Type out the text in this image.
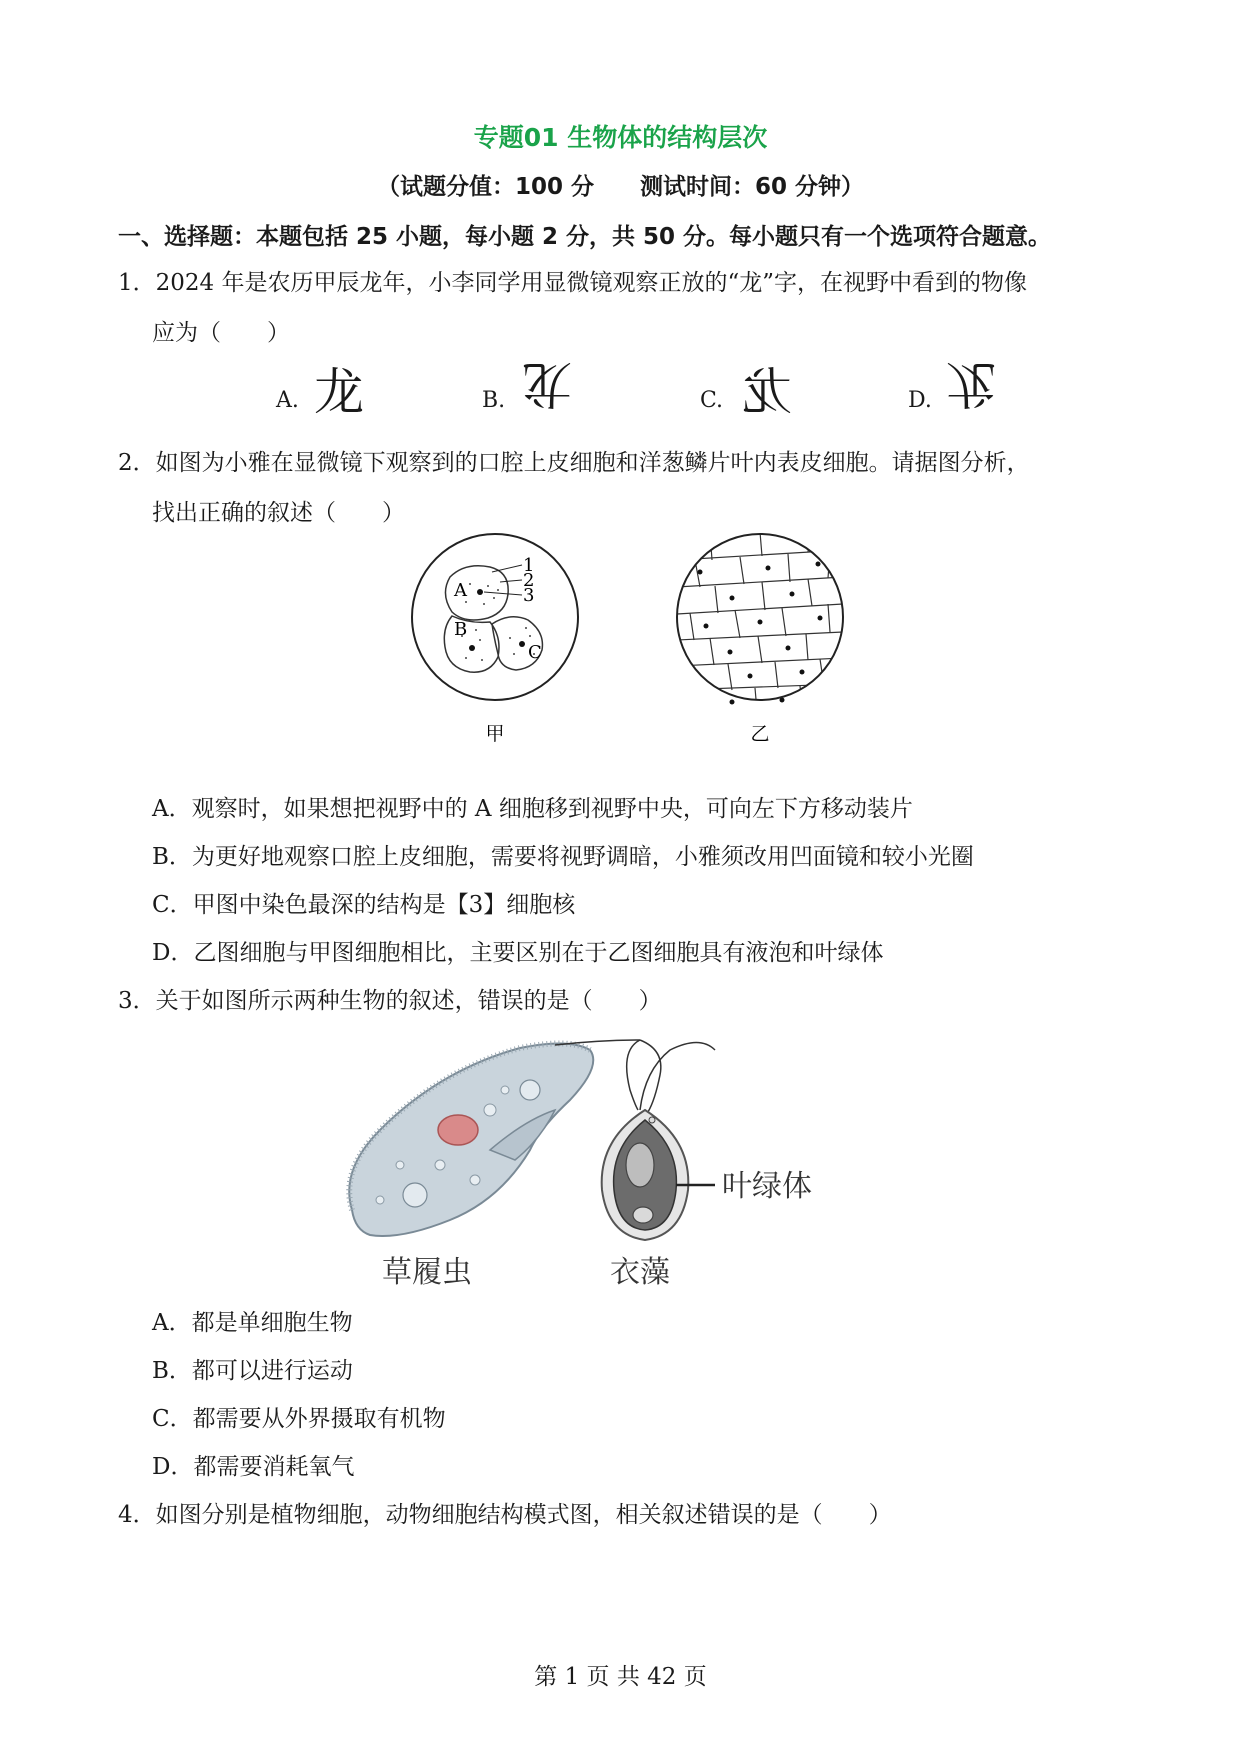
专题01 生物体的结构层次
（试题分值：100 分　　测试时间：60 分钟）
一、选择题：本题包括 25 小题，每小题 2 分，共 50 分。每小题只有一个选项符合题意。
1．2024 年是农历甲辰龙年，小李同学用显微镜观察正放的“龙”字，在视野中看到的物像
应为（　　）
A. 龙	B. 龙	C. 龙	D. 龙
2．如图为小雅在显微镜下观察到的口腔上皮细胞和洋葱鳞片叶内表皮细胞。请据图分析，
找出正确的叙述（　　）
1
2
3
A
B
C
甲	乙
A．观察时，如果想把视野中的 A 细胞移到视野中央，可向左下方移动装片
B．为更好地观察口腔上皮细胞，需要将视野调暗，小雅须改用凹面镜和较小光圈
C．甲图中染色最深的结构是【3】细胞核
D．乙图细胞与甲图细胞相比，主要区别在于乙图细胞具有液泡和叶绿体
3．关于如图所示两种生物的叙述，错误的是（　　）
草履虫
叶绿体
衣藻
A．都是单细胞生物
B．都可以进行运动
C．都需要从外界摄取有机物
D．都需要消耗氧气
4．如图分别是植物细胞，动物细胞结构模式图，相关叙述错误的是（　　）
第 1 页 共 42 页
